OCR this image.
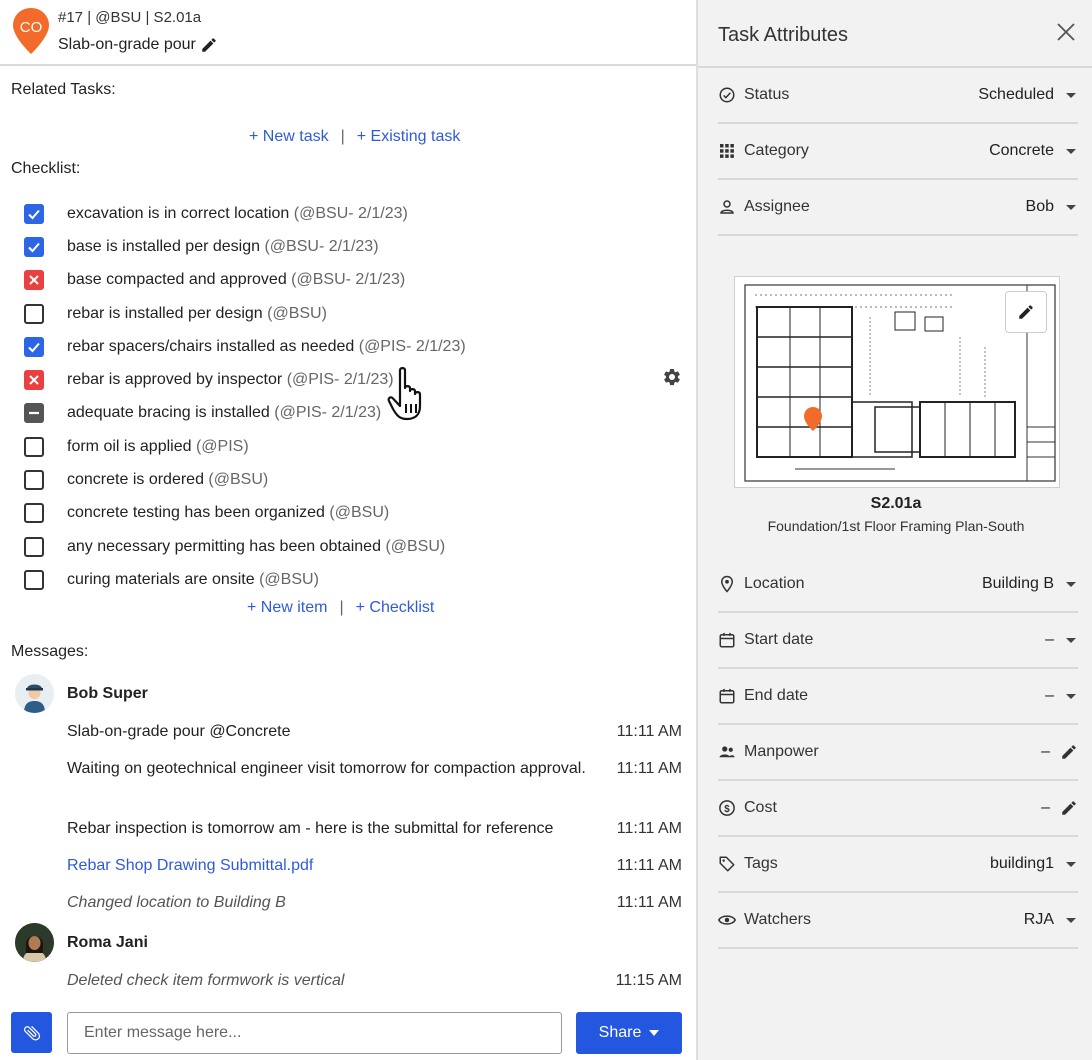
CO
#17 | @BSU | S2.01a
Slab-on-grade pour
Related Tasks:
+ New task | + Existing task
Checklist:
excavation is in correct location (@BSU- 2/1/23)
base is installed per design (@BSU- 2/1/23)
base compacted and approved (@BSU- 2/1/23)
rebar is installed per design (@BSU)
rebar spacers/chairs installed as needed (@PIS- 2/1/23)
rebar is approved by inspector (@PIS- 2/1/23)
adequate bracing is installed (@PIS- 2/1/23)
form oil is applied (@PIS)
concrete is ordered (@BSU)
concrete testing has been organized (@BSU)
any necessary permitting has been obtained (@BSU)
curing materials are onsite (@BSU)
+ New item | + Checklist
Messages:
Bob Super
Slab-on-grade pour @Concrete	11:11 AM
Waiting on geotechnical engineer visit tomorrow for compaction approval. 11:11 AM
Rebar inspection is tomorrow am - here is the submittal for reference	11:11 AM
Rebar Shop Drawing Submittal.pdf	11:11 AM
Changed location to Building B	11:11 AM
Roma Jani
Deleted check item formwork is vertical	11:15 AM
Enter message here...
Share
Task Attributes
Status	Scheduled
Category	Concrete
Assignee	Bob
Location	Building B
Start date	–
End date	–
Manpower	–
$ Cost	–
Tags	building1
Watchers	RJA
S2.01a
Foundation/1st Floor Framing Plan-South
